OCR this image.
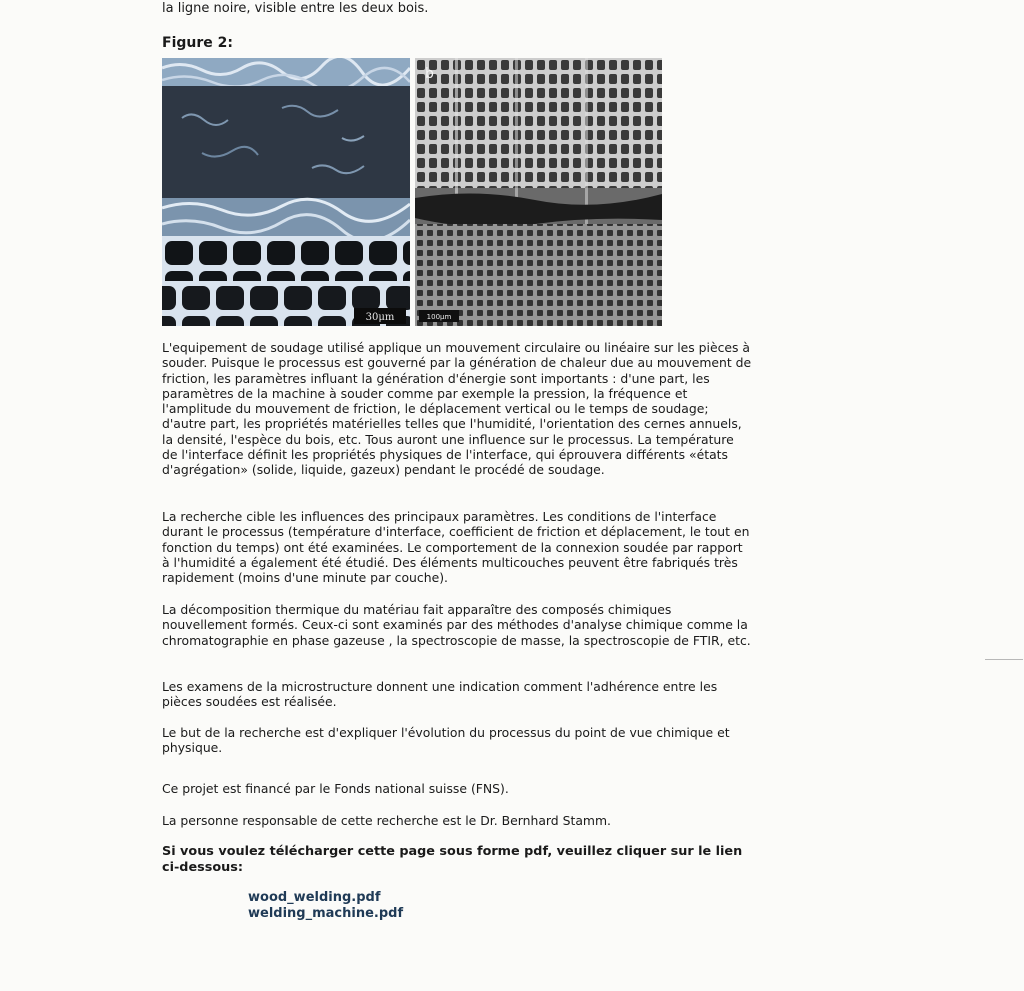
la ligne noire, visible entre les deux bois.
Figure 2:
30μm
b
100μm
L'equipement de soudage utilisé applique un mouvement circulaire ou linéaire sur les pièces à souder. Puisque le processus est gouverné par la génération de chaleur due au mouvement de friction, les paramètres influant la génération d'énergie sont importants : d'une part, les paramètres de la machine à souder comme par exemple la pression, la fréquence et l'amplitude du mouvement de friction, le déplacement vertical ou le temps de soudage; d'autre part, les propriétés matérielles telles que l'humidité, l'orientation des cernes annuels, la densité, l'espèce du bois, etc. Tous auront une influence sur le processus. La température de l'interface définit les propriétés physiques de l'interface, qui éprouvera différents «états d'agrégation» (solide, liquide, gazeux) pendant le procédé de soudage.
La recherche cible les influences des principaux paramètres. Les conditions de l'interface durant le processus (température d'interface, coefficient de friction et déplacement, le tout en fonction du temps) ont été examinées. Le comportement de la connexion soudée par rapport à l'humidité a également été étudié. Des éléments multicouches peuvent être fabriqués très rapidement (moins d'une minute par couche).
La décomposition thermique du matériau fait apparaître des composés chimiques nouvellement formés. Ceux-ci sont examinés par des méthodes d'analyse chimique comme la chromatographie en phase gazeuse , la spectroscopie de masse, la spectroscopie de FTIR, etc.
Les examens de la microstructure donnent une indication comment l'adhérence entre les pièces soudées est réalisée.
Le but de la recherche est d'expliquer l'évolution du processus du point de vue chimique et physique.
Ce projet est financé par le Fonds national suisse (FNS).
La personne responsable de cette recherche est le Dr. Bernhard Stamm.
Si vous voulez télécharger cette page sous forme pdf, veuillez cliquer sur le lien ci-dessous:
wood_welding.pdf
welding_machine.pdf
